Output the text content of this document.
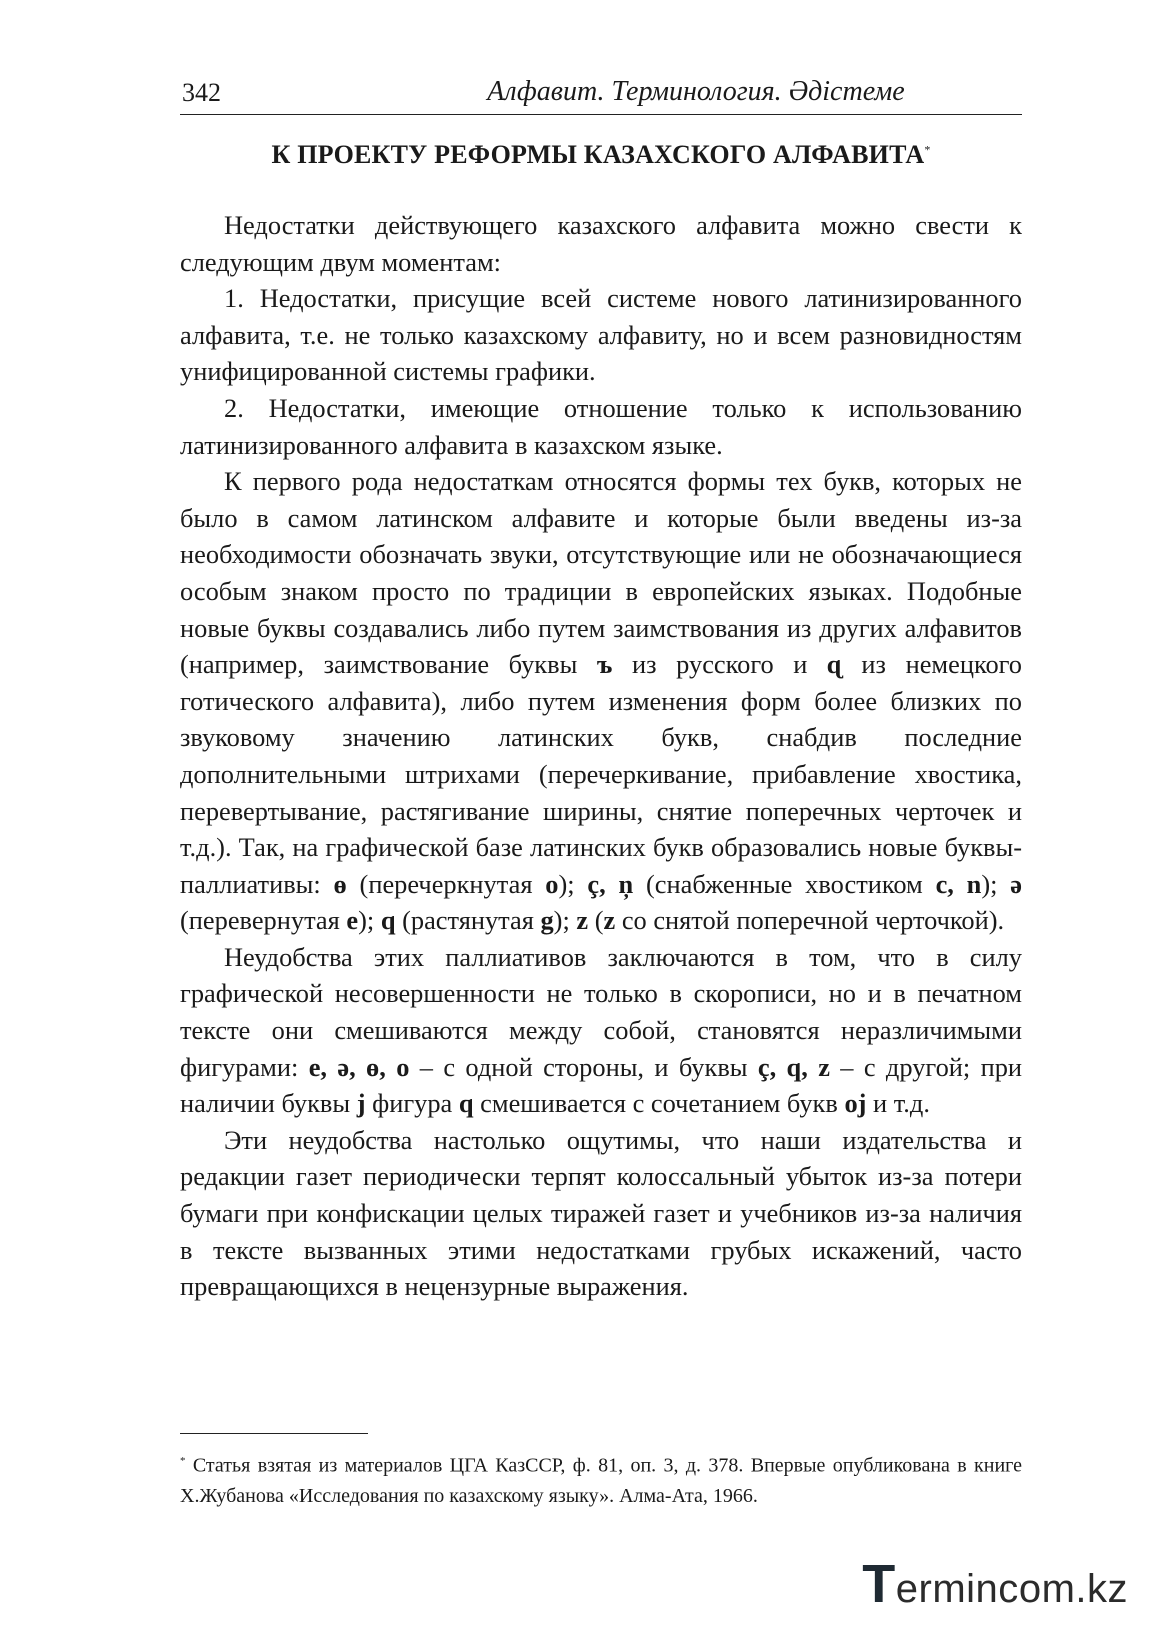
342	Алфавит. Терминология. Әдістеме
К ПРОЕКТУ РЕФОРМЫ КАЗАХСКОГО АЛФАВИТА*

Недостатки действующего казахского алфавита можно свести к следующим двум моментам:

1. Недостатки, присущие всей системе нового латинизированного алфавита, т.е. не только казахскому алфавиту, но и всем разновидностям унифицированной системы графики.

2. Недостатки, имеющие отношение только к использованию латинизированного алфавита в казахском языке.

К первого рода недостаткам относятся формы тех букв, которых не было в самом латинском алфавите и которые были введены из-за необходимости обозначать звуки, отсутствующие или не обозначающиеся особым знаком просто по традиции в европейских языках. Подобные новые буквы создавались либо путем заимствования из других алфавитов (например, заимствование буквы ъ из русского и ɋ из немецкого готического алфавита), либо путем изменения форм более близких по звуковому значению латинских букв, снабдив последние дополнительными штрихами (перечеркивание, прибавление хвостика, перевертывание, растягивание ширины, снятие поперечных черточек и т.д.). Так, на графической базе латинских букв образовались новые буквы-паллиативы: ө (перечеркнутая o); ç, ņ (снабженные хвостиком c, n); ə (перевернутая e); q (растянутая g); z (z со снятой поперечной черточкой).

Неудобства этих паллиативов заключаются в том, что в силу графической несовершенности не только в скорописи, но и в печатном тексте они смешиваются между собой, становятся неразличимыми фигурами: e, ə, ө, o – с одной стороны, и буквы ç, q, z – с другой; при наличии буквы j фигура q смешивается с сочетанием букв oj и т.д.

Эти неудобства настолько ощутимы, что наши издательства и редакции газет периодически терпят колоссальный убыток из-за потери бумаги при конфискации целых тиражей газет и учебников из-за наличия в тексте вызванных этими недостатками грубых искажений, часто превращающихся в нецензурные выражения.

* Статья взятая из материалов ЦГА КазССР, ф. 81, оп. 3, д. 378. Впервые опубликована в книге Х.Жубанова «Исследования по казахскому языку». Алма-Ата, 1966.
Termincom.kz
